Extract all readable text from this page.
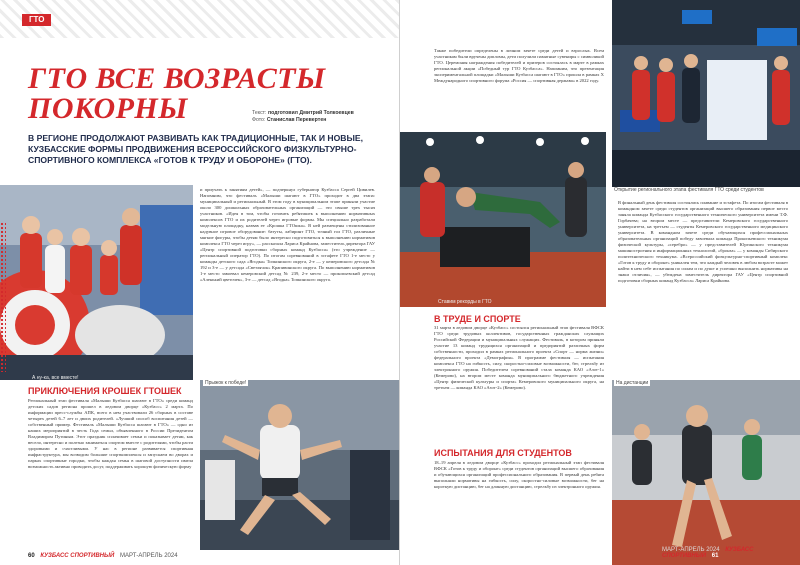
ГТО
ГТО ВСЕ ВОЗРАСТЫ ПОКОРНЫ	Текст: подготовил Дмитрий Толкоевцев
Фото: Станислав Перевертен
В РЕГИОНЕ ПРОДОЛЖАЮТ РАЗВИВАТЬ КАК ТРАДИЦИОННЫЕ, ТАК И НОВЫЕ, КУЗБАССКИЕ ФОРМЫ ПРОДВИЖЕНИЯ ВСЕРОССИЙСКОГО ФИЗКУЛЬТУРНО-СПОРТИВНОГО КОМПЛЕКСА «ГОТОВ К ТРУДУ И ОБОРОНЕ» (ГТО).
А ну-ка, все вместе!
и приучать к занятиям детей», — подчеркнул губернатор Кузбасса Сергей Цивилев. Напомним, что фестиваль «Малыши шагают в ГТО» проходит в два этапа: муниципальный и региональный. В этом году в муниципальном этапе приняли участие около 300 дошкольных образовательных организаций — это свыше трех тысяч участников. «Идея в том, чтобы готовить ребятишек к выполнению нормативных комплексов ГТО и их родителей через игровые формы. Мы специально разработали модельную площадку, назвав ее «Крошка ГТОшка». В ней размещены стилизованное надувное игровое оборудование: батуты, лабиринт ГТО, точный гол ГТО, различные мягкие фигуры, чтобы детям было интересно подготовиться к выполнению нормативов комплекса ГТО через игру», — рассказала Лариса Крайнова, заместитель директора ГАУ «Центр спортивной подготовки сборных команд Кузбасса» (это учреждение — региональный оператор ГТО). По итогам соревнований в эстафете ГТО 1-е место у команды детского сада «Ягодка» Топкинского округа, 2-е — у кемеровского детсада № 192 и 3-е — у детсада «Светлячок» Крапивинского округа. По выполнению нормативов 1-е место завоевал кемеровский детсад № 239, 2-е место — прокопьевский детсад «Аленький цветочек», 3-е — детсад «Ягодка» Топкинского округа.
ПРИКЛЮЧЕНИЯ КРОШЕК ГТОШЕК
Региональный этап фестиваля «Малыши Кузбасса шагают в ГТО» среди команд детских садов региона прошел в ледовом дворце «Кузбасс» 2 марта. По информации пресс-службы АПК, всего в нем участвовали 26 сборных в составе четырех детей 6–7 лет и двоих родителей. «Лучший способ воспитания детей — собственный пример. Фестиваль «Малыши Кузбасса шагают в ГТО» — одно из наших мероприятий в честь Года семьи, объявленного в России Президентом Владимиром Путиным. Этот праздник сплачивает семьи и показывает детям, как весело, интересно и полезно заниматься спортом вместе с родителями, чтобы расти здоровыми и счастливыми. У нас в регионе развивается спортивная инфраструктура, мы возводим большие спорткомплексы и запускаем во дворах и парках спортивные городки, чтобы каждая семья в шаговой доступности имела возможность активно проводить досуг, поддерживать хорошую физическую форму
Прыжок к победе!
60 КУЗБАСС СПОРТИВНЫЙ МАРТ-АПРЕЛЬ 2024
Также победители определены в личном зачете среди детей и взрослых. Всем участникам были вручены дипломы, дети получили памятные сувениры с символикой ГТО. Церемония награждения победителей и призеров состоялась в марте в рамках региональной акции «Победный тур ГТО Кузбасса». Напомним, что презентация экспериментальной площадки «Малыши Кузбасса шагают в ГТО» прошла в рамках X Международного спортивного форума «Россия — спортивная держава» в 2022 году.
Ставим рекорды в ГТО
В ТРУДЕ И СПОРТЕ
31 марта в ледовом дворце «Кузбасс» состоялся региональный этап фестиваля ВФСК ГТО среди трудовых коллективов, государственных гражданских служащих Российской Федерации и муниципальных служащих. Фестиваль, в котором приняли участие 13 команд трудящихся организаций и предприятий различных форм собственности, проходил в рамках регионального проекта «Спорт — норма жизни» федерального проекта «Демография». В программе фестиваля — испытания комплекса ГТО на гибкость, силу, скоростно-силовые возможности, бег, стрельбу из электронного оружия. Победителем соревнований стала команда КАО «Азот-1» (Кемерово), на втором месте команда муниципального бюджетного учреждения «Центр физической культуры и спорта» Кемеровского муниципального округа, на третьем — команда КАО «Азот-2» (Кемерово).
ИСПЫТАНИЯ ДЛЯ СТУДЕНТОВ
18–19 апреля в ледовом дворце «Кузбасс» проходил региональный этап фестиваля ВФСК «Готов к труду и обороне» среди студентов организаций высшего образования и обучающихся организаций профессионального образования. В первый день ребята выполняли нормативы на гибкость, силу, скоростно-силовые возможности, бег на короткую дистанцию, бег на длинную дистанцию, стрельбу из электронного оружия.
Открытие регионального этапа фестиваля ГТО среди студентов
В финальный день фестиваля состоялись плавание и эстафета. По итогам фестиваля в командном зачете среди студентов организаций высшего образования первое место заняла команда Кузбасского государственного технического университета имени Т.Ф. Горбачева; на втором месте — представители Кемеровского государственного университета, на третьем — студенты Кемеровского государственного медицинского университета. В командном зачете среди обучающихся профессиональных образовательных организаций победу завоевала команда Прокопьевского техникума физической культуры, «серебро» — у представителей Юргинского техникума машиностроения и информационных технологий, «бронза» — у команды Сибирского политехнического техникума. «Всероссийский физкультурно-спортивный комплекс «Готов к труду и обороне» уникален тем, что каждый человек в любом возрасте может найти в нем себе испытания по силам и по душе и успешно выполнить нормативы на знаки отличия», — убеждена заместитель директора ГАУ «Центр спортивной подготовки сборных команд Кузбасса» Лариса Крайнова.
На дистанции
МАРТ-АПРЕЛЬ 2024 КУЗБАСС СПОРТИВНЫЙ 61
